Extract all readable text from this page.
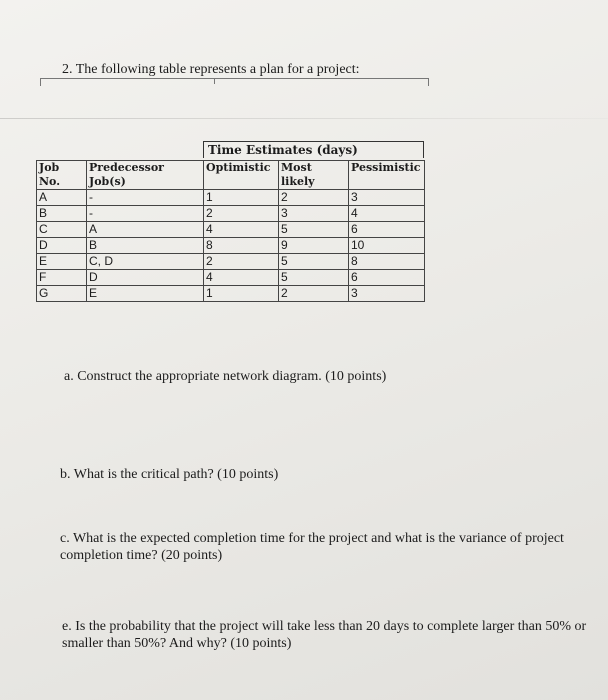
2. The following table represents a plan for a project:
Time Estimates (days)
Job No.	Predecessor Job(s)	Optimistic	Most likely	Pessimistic
A	-	1	2	3
B	-	2	3	4
C	A	4	5	6
D	B	8	9	10
E	C, D	2	5	8
F	D	4	5	6
G	E	1	2	3
a. Construct the appropriate network diagram. (10 points)
b. What is the critical path? (10 points)
c. What is the expected completion time for the project and what is the variance of project completion time? (20 points)
e. Is the probability that the project will take less than 20 days to complete larger than 50% or smaller than 50%? And why? (10 points)
